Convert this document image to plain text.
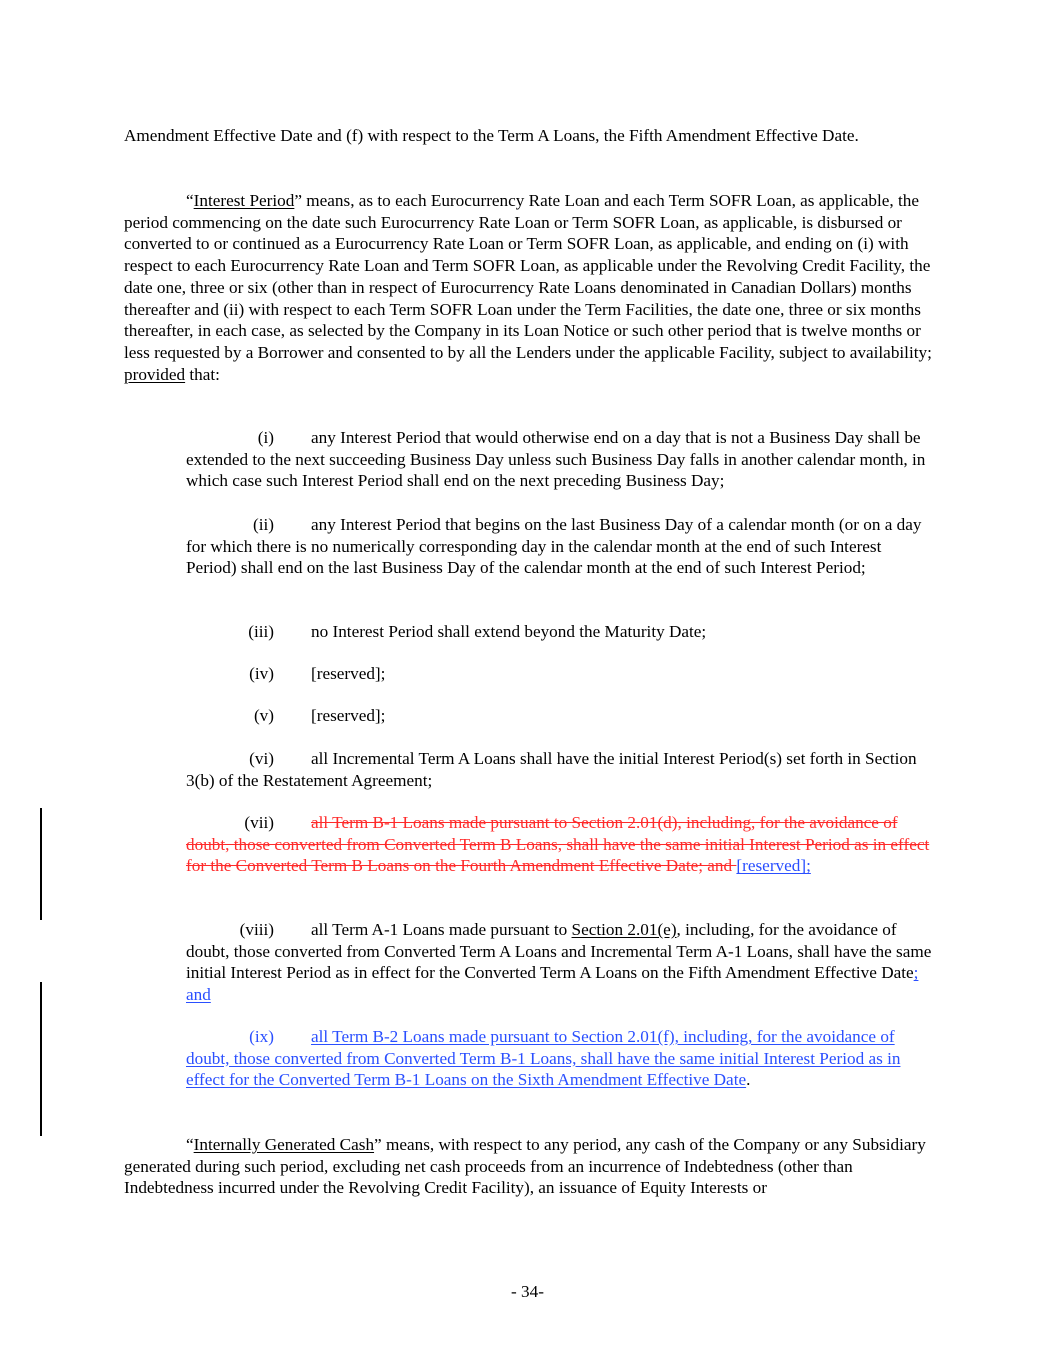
Amendment Effective Date and (f) with respect to the Term A Loans, the Fifth Amendment Effective Date.

“Interest Period” means, as to each Eurocurrency Rate Loan and each Term SOFR Loan, as applicable, the period commencing on the date such Eurocurrency Rate Loan or Term SOFR Loan, as applicable, is disbursed or converted to or continued as a Eurocurrency Rate Loan or Term SOFR Loan, as applicable, and ending on (i) with respect to each Eurocurrency Rate Loan and Term SOFR Loan, as applicable under the Revolving Credit Facility, the date one, three or six (other than in respect of Eurocurrency Rate Loans denominated in Canadian Dollars) months thereafter and (ii) with respect to each Term SOFR Loan under the Term Facilities, the date one, three or six months thereafter, in each case, as selected by the Company in its Loan Notice or such other period that is twelve months or less requested by a Borrower and consented to by all the Lenders under the applicable Facility, subject to availability; provided that:

(i) any Interest Period that would otherwise end on a day that is not a Business Day shall be extended to the next succeeding Business Day unless such Business Day falls in another calendar month, in which case such Interest Period shall end on the next preceding Business Day;

(ii) any Interest Period that begins on the last Business Day of a calendar month (or on a day for which there is no numerically corresponding day in the calendar month at the end of such Interest Period) shall end on the last Business Day of the calendar month at the end of such Interest Period;

(iii) no Interest Period shall extend beyond the Maturity Date;

(iv) [reserved];

(v) [reserved];

(vi) all Incremental Term A Loans shall have the initial Interest Period(s) set forth in Section 3(b) of the Restatement Agreement;

(vii) all Term B-1 Loans made pursuant to Section 2.01(d), including, for the avoidance of doubt, those converted from Converted Term B Loans, shall have the same initial Interest Period as in effect for the Converted Term B Loans on the Fourth Amendment Effective Date; and [reserved];

(viii) all Term A-1 Loans made pursuant to Section 2.01(e), including, for the avoidance of doubt, those converted from Converted Term A Loans and Incremental Term A-1 Loans, shall have the same initial Interest Period as in effect for the Converted Term A Loans on the Fifth Amendment Effective Date; and

(ix) all Term B-2 Loans made pursuant to Section 2.01(f), including, for the avoidance of doubt, those converted from Converted Term B-1 Loans, shall have the same initial Interest Period as in effect for the Converted Term B-1 Loans on the Sixth Amendment Effective Date.

“Internally Generated Cash” means, with respect to any period, any cash of the Company or any Subsidiary generated during such period, excluding net cash proceeds from an incurrence of Indebtedness (other than Indebtedness incurred under the Revolving Credit Facility), an issuance of Equity Interests or

- 34-
